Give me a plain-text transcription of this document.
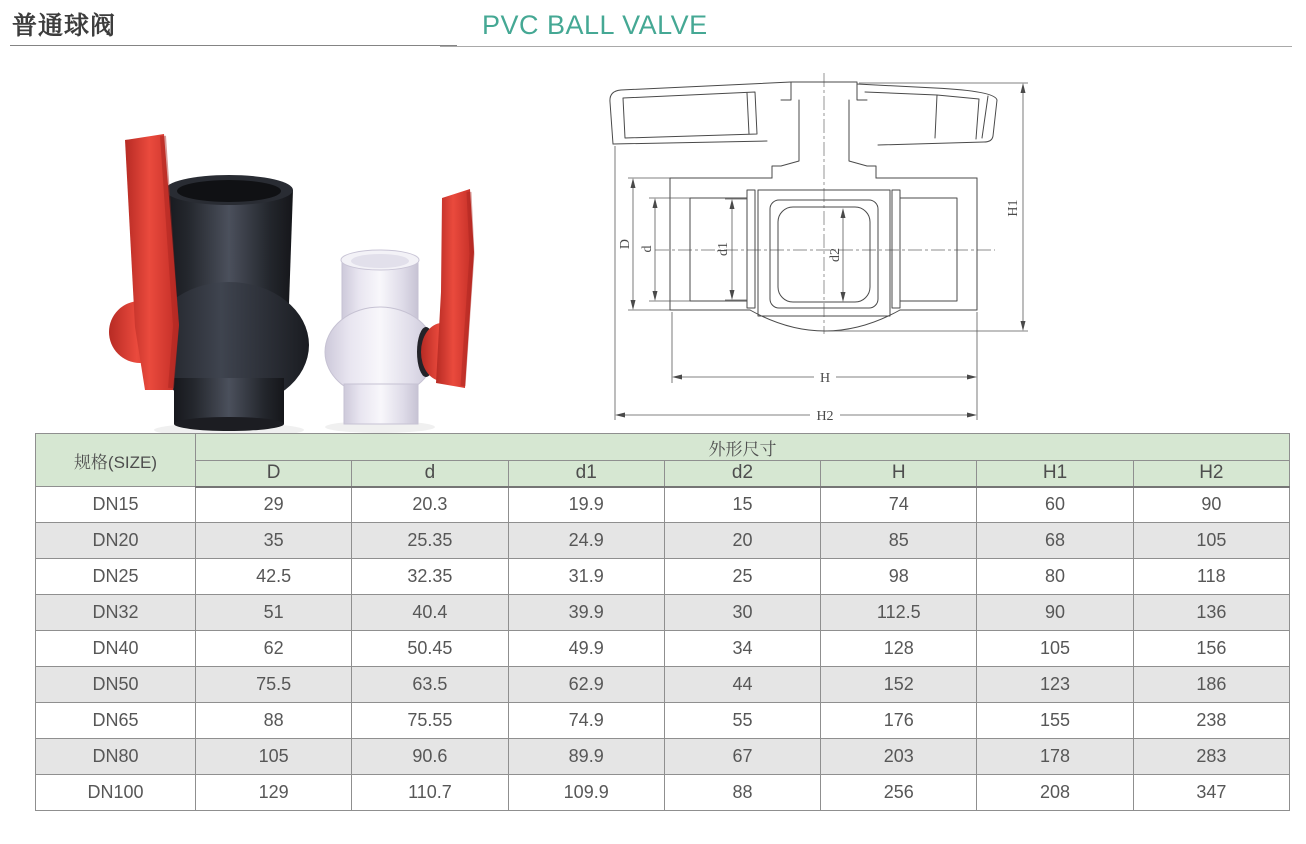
普通球阀	PVC BALL VALVE
D d	d1	d2
H1
H
H2
规格(SIZE)	外形尺寸						
	D	d	d1	d2	H	H1	H2
DN15	29	20.3	19.9	15	74	60	90
DN20	35	25.35	24.9	20	85	68	105
DN25	42.5	32.35	31.9	25	98	80	118
DN32	51	40.4	39.9	30	112.5	90	136
DN40	62	50.45	49.9	34	128	105	156
DN50	75.5	63.5	62.9	44	152	123	186
DN65	88	75.55	74.9	55	176	155	238
DN80	105	90.6	89.9	67	203	178	283
DN100	129	110.7	109.9	88	256	208	347
